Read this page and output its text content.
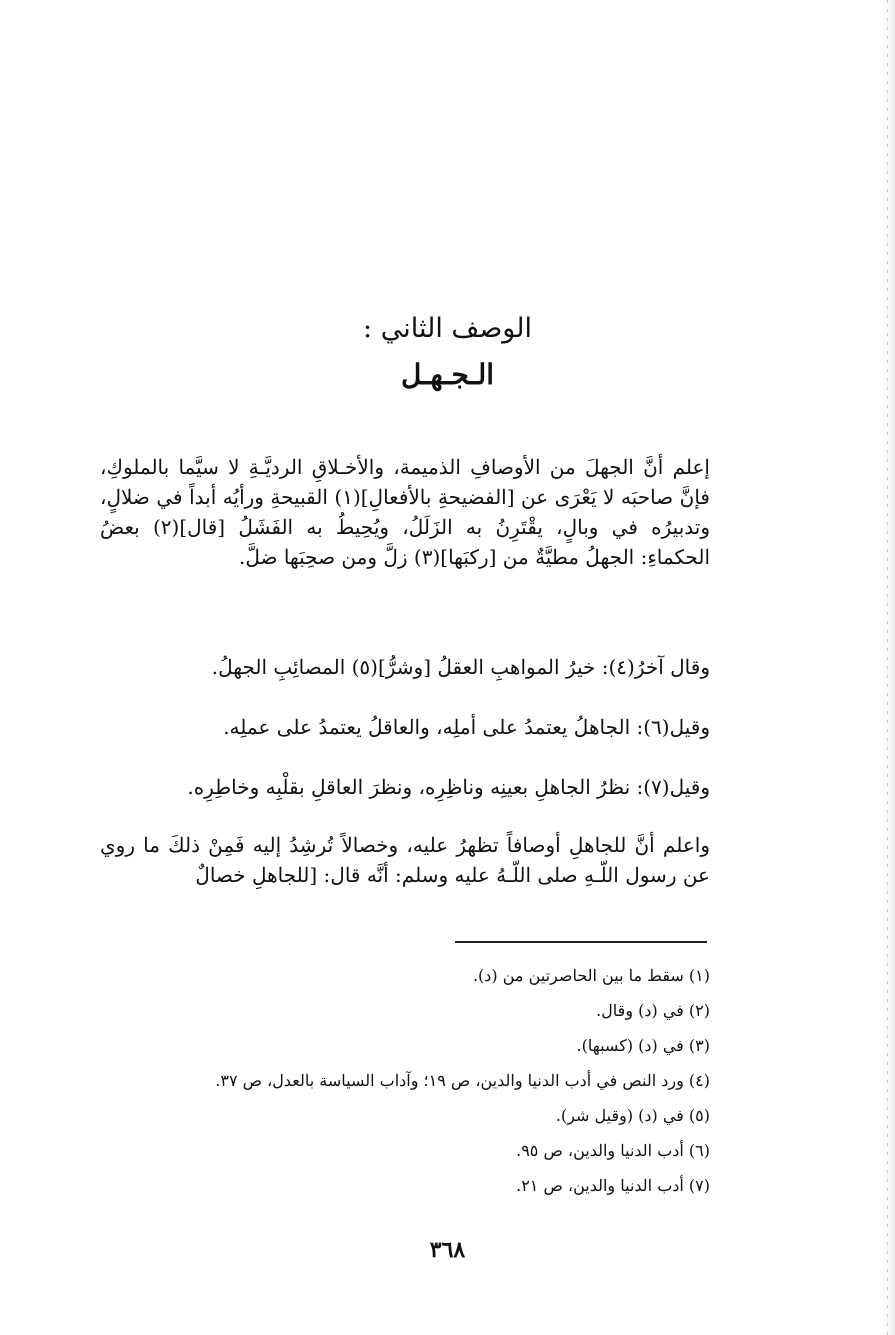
الوصف الثاني :
الـجـهـل

إعلم أنَّ الجهلَ من الأوصافِ الذميمة، والأخـلاقِ الرديَّـةِ لا سيَّما بالملوكِ، فإنَّ صاحبَه لا يَعْرَى عن [الفضيحةِ بالأفعالِ](١) القبيحةِ ورأيُه أبداً في ضلالٍ، وتدبيرُه في وبالٍ، يقْتَرِنُ به الزَلَلُ، ويُحِيطُ به الفَشَلُ [قال](٢) بعضُ الحكماءِ: الجهلُ مطيَّةٌ من [ركبَها](٣) زلَّ ومن صحِبَها ضلَّ.

وقال آخرُ(٤): خيرُ المواهبِ العقلُ [وشرُّ](٥) المصائِبِ الجهلُ.

وقيل(٦): الجاهلُ يعتمدُ على أملِه، والعاقلُ يعتمدُ على عملِه.

وقيل(٧): نظرُ الجاهلِ بعينِه وناظِرِه، ونظرَ العاقلِ بقلْبِه وخاطِرِه.

واعلم أنَّ للجاهلِ أوصافاً تظهرُ عليه، وخصالاً تُرشِدُ إليه فَمِنْ ذلكَ ما روي عن رسول اللّـهِ صلى اللّـهُ عليه وسلم: أنَّه قال: [للجاهلِ خصالٌ

(١) سقط ما بين الحاصرتين من (د).
(٢) في (د) وقال.
(٣) في (د) (كسبها).
(٤) ورد النص في أدب الدنيا والدين، ص ١٩؛ وآداب السياسة بالعدل، ص ٣٧.
(٥) في (د) (وقيل شر).
(٦) أدب الدنيا والدين، ص ٩٥.
(٧) أدب الدنيا والدين، ص ٢١.
٣٦٨
